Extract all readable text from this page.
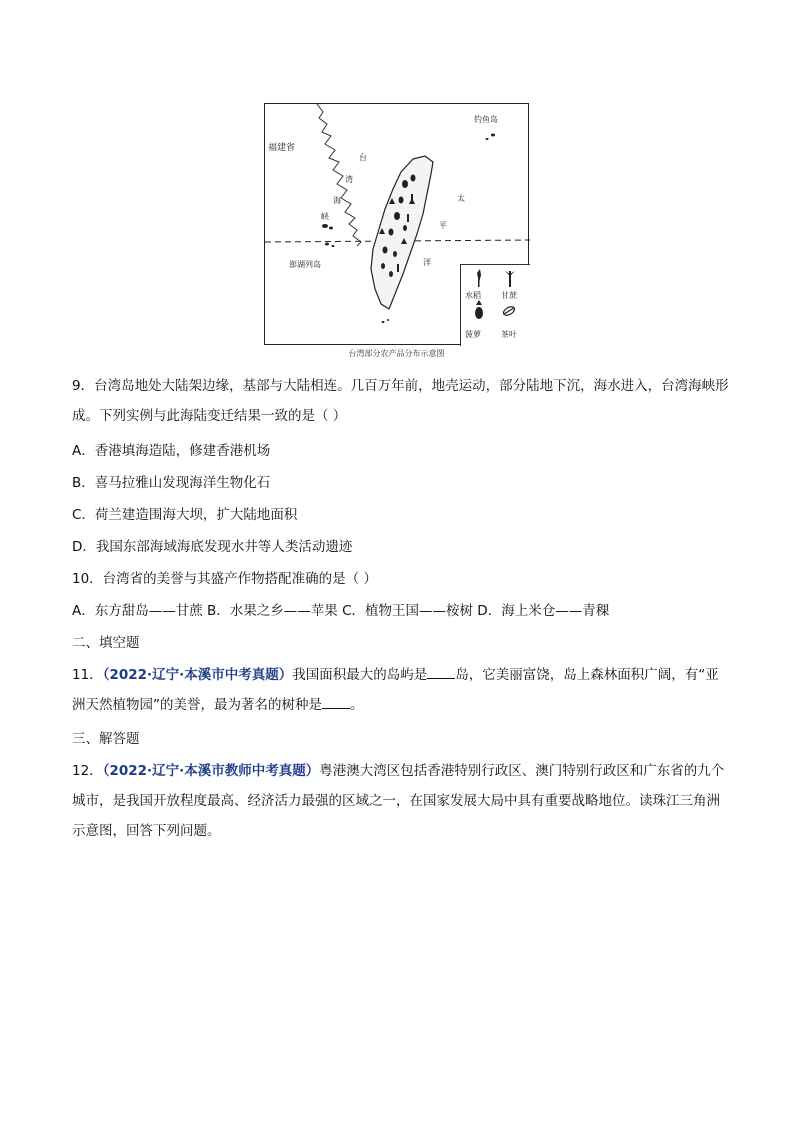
福建省
钓鱼岛
台
湾
海
峡
太
平
洋
澎湖列岛
水稻	甘蔗
菠萝	茶叶
台湾部分农产品分布示意图

9．台湾岛地处大陆架边缘，基部与大陆相连。几百万年前，地壳运动，部分陆地下沉，海水进入，台湾海峡形成。下列实例与此海陆变迁结果一致的是（ ）

A．香港填海造陆，修建香港机场

B．喜马拉雅山发现海洋生物化石

C．荷兰建造围海大坝，扩大陆地面积

D．我国东部海域海底发现水井等人类活动遗迹

10．台湾省的美誉与其盛产作物搭配准确的是（ ）

A．东方甜岛——甘蔗 B．水果之乡——苹果 C．植物王国——桉树 D．海上米仓——青稞

二、填空题

11．（2022·辽宁·本溪市中考真题）我国面积最大的岛屿是 岛，它美丽富饶，岛上森林面积广阔，有“亚洲天然植物园”的美誉，最为著名的树种是 。

三、解答题

12．（2022·辽宁·本溪市教师中考真题）粤港澳大湾区包括香港特别行政区、澳门特别行政区和广东省的九个城市，是我国开放程度最高、经济活力最强的区域之一，在国家发展大局中具有重要战略地位。读珠江三角洲示意图，回答下列问题。
